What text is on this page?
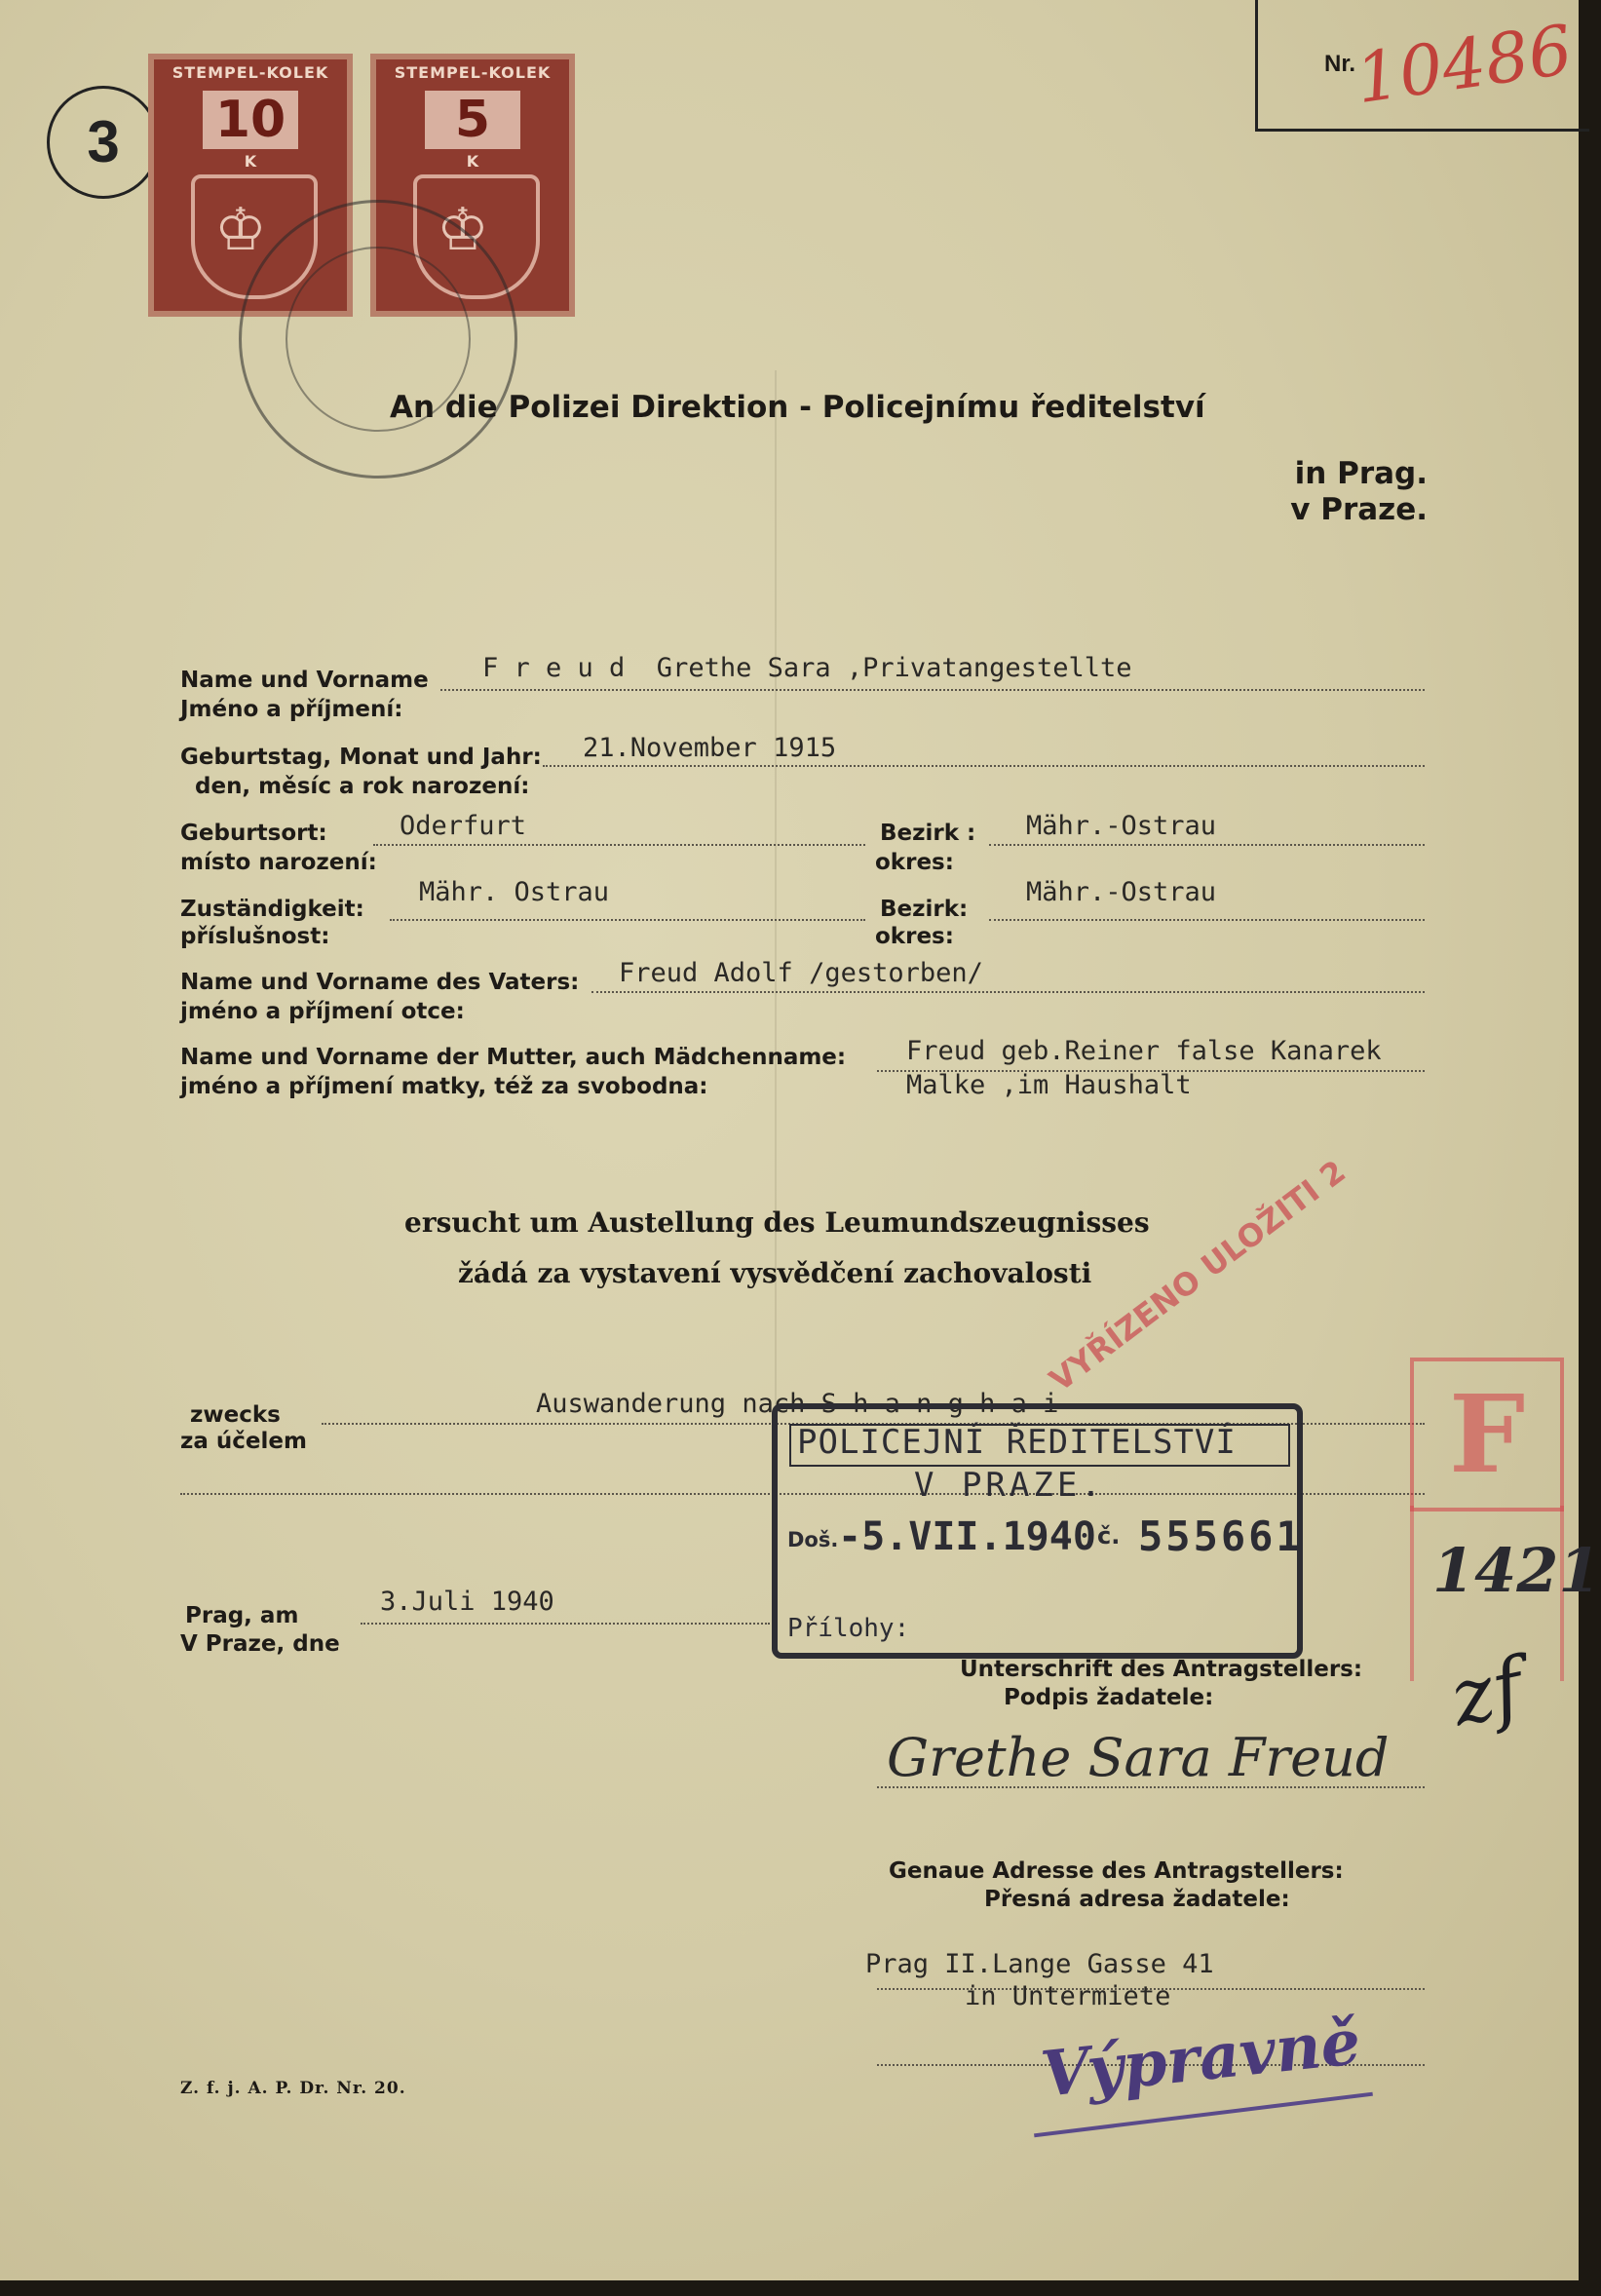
Nr.
10486
3
STEMPEL-KOLEK
10
K
♔
STEMPEL-KOLEK
5
K
♔
An die Polizei Direktion - Policejnímu ředitelství
in Prag.
v Praze.
Name und Vorname
Jméno a příjmení:
F r e u d  Grethe Sara ,Privatangestellte
Geburtstag, Monat und Jahr:
den, měsíc a rok narození:
21.November 1915
Geburtsort:
místo narození:
Oderfurt	Bezirk :
okres:
Mähr.-Ostrau
Zuständigkeit:
příslušnost:
Mähr. Ostrau
Bezirk:
okres:
Mähr.-Ostrau
Name und Vorname des Vaters:
jméno a příjmení otce:
Freud Adolf /gestorben/
Name und Vorname der Mutter, auch Mädchenname:
jméno a příjmení matky, též za svobodna:
Freud geb.Reiner false Kanarek
Malke ,im Haushalt
ersucht um Austellung des Leumundszeugnisses
žádá za vystavení vysvědčení zachovalosti
VYŘÍZENO ULOŽITI 2
zwecks
za účelem
Auswanderung nach S h a n g h a i
Prag, am
V Praze, dne
3.Juli 1940
POLICEJNÍ ŘEDITELSTVÍ
V PRAZE.
Doš. -5.VII.1940 č. 555661
Přílohy:
F
1421
zf
Unterschrift des Antragstellers:
Podpis žadatele:
Grethe Sara Freud
Genaue Adresse des Antragstellers:
Přesná adresa žadatele:
Prag II.Lange Gasse 41
in Untermiete
Výpravně
Z. f. j. A. P. Dr. Nr. 20.
